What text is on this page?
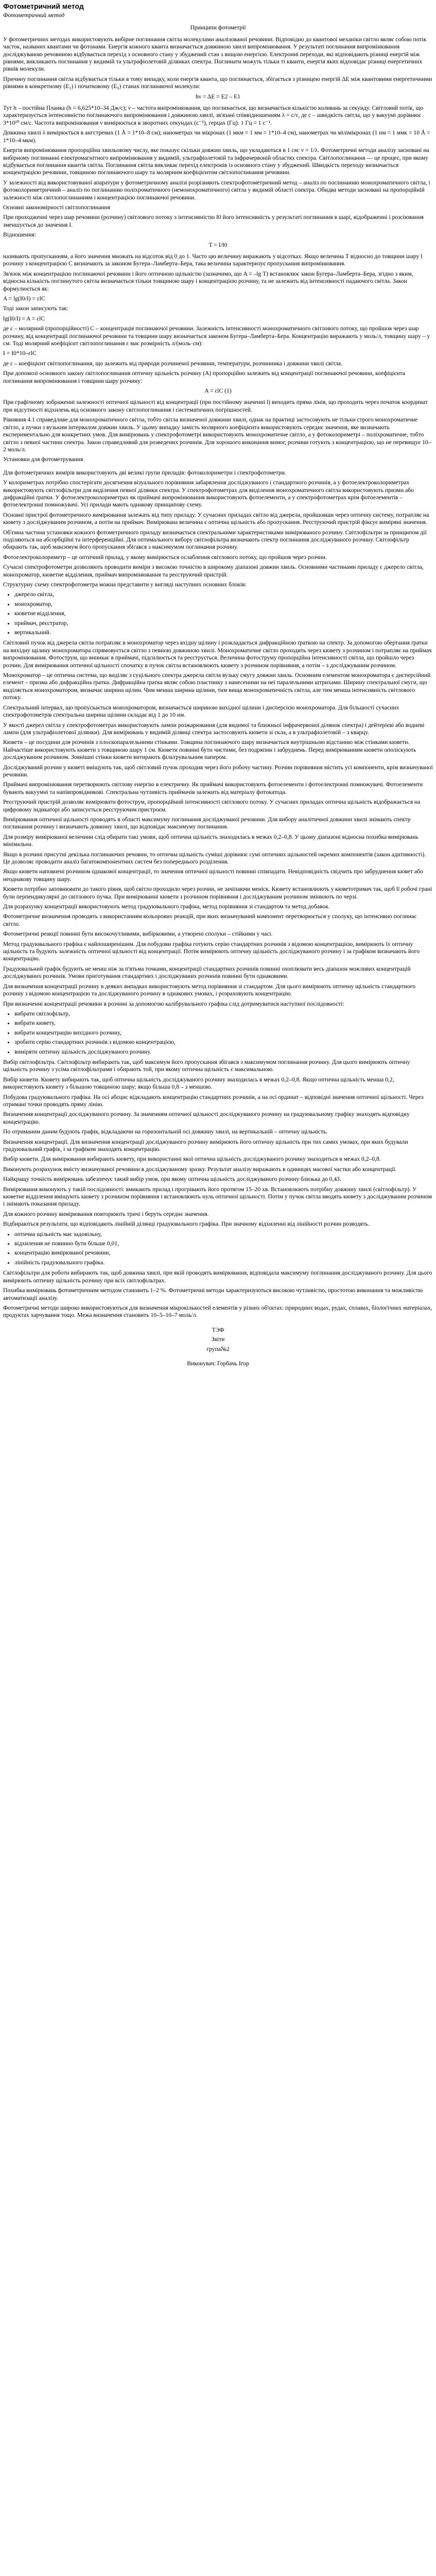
Фотометричний метод
Фотометричний метод
Принципи фотометрії

У фотометричних методах використовують вибірне поглинання світла молекулами аналізованої речовини. Відповідно до квантової механіки світло являє собою потік часток, названих квантами чи фотонами. Енергія кожного кванта визначається довжиною хвилі випромінювання. У результаті поглинання випромінювання досліджуваною речовиною відбувається перехід з основного стану у збуджений стан з вищою енергією. Електронні переходи, які відповідають різниці енергій між рівнями, викликають поглинання у видимій та ультрафіолетовій ділянках спектра. Поглинати можуть тільки ті кванти, енергія яких відповідає різниці енергетичних рівнів молекули.

Причину поглинання світла відбувається тільки в тому випадку, коли енергія кванта, що поглинається, збігається з різницею енергій ΔE між квантовими енергетичними рівнями в конкретному (E₁) і початковому (E₀) станах поглинаючої молекули:

hν = ΔE = E2 – E1

Тут h – постійна Планка (h = 6,625*10–34 Дж/с); ν – частота випромінювання, що поглинається, що визначається кількістю коливань за секунду. Світловий потік, що характеризується інтенсивністю поглинаючого випромінювання і довжиною хвилі, зв'язані співвідношенням λ = c/ν, де c – швидкість світла, що у вакуумі дорівнює 3*10¹⁰ см/с. Частота випромінювання ν вимірюється в зворотних секундах (с⁻¹), герцах (Гц): 1 Гц = 1 с⁻¹.

Довжина хвилі λ вимірюється в ангстремах (1 Å = 1*10–8 см); нанометрах чи мікронах (1 мкм = 1 мм = 1*10–4 см), нанометрах чи мілімікронах (1 нм = 1 ммк = 10 Å = 1*10–4 мкм).

Енергія випромінювання пропорційна хвильовому числу, яке показує скільки довжин хвиль, що укладаються в 1 см: ν = 1/λ. Фотометричні методи аналізу засновані на вибірному поглинанні електромагнітного випромінювання у видимій, ультрафіолетовій та інфрачервоній областях спектра. Світлопоглинання — це процес, при якому відбувається поглинання квантів світла. Поглинання світла викликає перехід електронів із основного стану у збуджений. Швидкість переходу визначається концентрацією речовини, товщиною поглинаючого шару та молярним коефіцієнтом світлопоглинання речовини.

У залежності від використовуваної апаратури у фотометричному аналізі розрізняють спектрофотометричний метод – аналіз по поглинанню монохроматичного світла, і фотоколориметричний – аналіз по поглинанню поліхроматичного (немонохроматичного) світла у видимій області спектра. Обидва методи засновані на пропорційній залежності між світлопоглинанням і концентрацією поглинаючої речовини.

Основні закономірності світлопоглинання

При проходженні через шар речовини (розчину) світлового потоку з інтенсивністю I0 його інтенсивність у результаті поглинання в шарі, відображенні і розсіювання зменшується до значення I.

Відношення:

T = I/I0

називають пропусканням, а його значення множать на відсоток від 0 до 1. Часто цю величину виражають у відсотках. Якщо величина T відносно до товщини шару l розчину з концентрацією C визначають за законом Бугера–Ламберта–Бера, така величина характеризує пропускання випромінювання.

Зв'язок між концентрацією поглинаючої речовини і його оптичною щільністю (зазначимо, що A = –lg T) встановлює закон Бугера–Ламберта–Бера, згідно з яким, відносна кількість поглинутого світла визначається тільки товщиною шару і концентрацією розчину, та не залежить від інтенсивності падаючого світла. Закон формулюється як:

A = lg(I0/I) = εlC

Тоді закон записують так:

lg(I0/I) = A = εlC

де ε – молярний (пропорційності) C – концентрація поглинаючої речовини. Залежність інтенсивності монохроматичного світлового потоку, що пройшов через шар розчину, від концентрації поглинаючої речовини та товщини шару визначається законом Бугера–Ламберта–Бера. Концентрацію виражають у моль/л, товщину шару – у см. Тоді молярний коефіцієнт світлопоглинання ε має розмірність л/(моль·см):

I = I0*10–εlC

де ε – коефіцієнт світлопоглинання, що залежить від природи розчиненої речовини, температури, розчинника і довжини хвилі світла.

При допомозі основного закону світлопоглинання оптичну щільність розчину (A) пропорційно залежить від концентрації поглинаючої речовини, коефіцієнта поглинання випромінювання і товщини шару розчину:

A = εlC (1)

При графічному зображенні залежності оптичної щільності від концентрації (при постійному значенні l) виходить пряма лінія, що проходить через початок координат при відсутності відхилень від основного закону світлопоглинання і систематичних погрішностей.

Рівняння 4.1 справедливе для монохроматичного світла, тобто світла визначеної довжини хвилі, однак на практиці застосовують не тільки строго монохроматичне світло, а пучки з вузьким інтервалом довжин хвиль. У цьому випадку замість молярного коефіцієнта використовують середнє значення, яке визначають експериментально для конкретних умов. Для вимірювань у спектрофотометрі використовують монохроматичне світло, а у фотоколориметрі – поліхроматичне, тобто світло з певної частини спектра. Закон справедливий для розведених розчинів. Для хорошого виконання вимог, розчини готують з концентрацією, що не перевищує 10–2 моль/л.

Установки для фотометрування

Для фотометричних вимірів використовують дві великі групи приладів: фотоколориметри і спектрофотометри.

У колориметрах потрібно спостерігати досягнення візуального порівняння забарвлення досліджуваного і стандартного розчинів, а у фотоелектроколориметрах використовують світлофільтри для виділення певної ділянки спектра. У спектрофотометрах для виділення монохроматичного світла використовують призми або дифракційні ґратки. У фотоелектроколориметрах як приймачі випромінювання використовують фотоелементи, а у спектрофотометрах крім фотоелементів – фотоелектронні помножувачі. Усі прилади мають однакову принципову схему.

Основні пристрої фотометричного вимірювання залежать від типу приладу. У сучасних приладах світло від джерела, пройшовши через оптичну систему, потрапляє на кювету з досліджуваним розчином, а потім на приймач. Вимірювана величина є оптична щільність або пропускання. Реєструючий пристрій фіксує виміряні значення.

Об'ємна частина установки кожного фотометричного приладу визначається спектральними характеристиками вимірюваного розчину. Світлофільтри за принципом дії поділяються на абсорбційні та інтерференційні. Для оптимального вибору світлофільтра визначають спектр поглинання досліджуваного розчину. Світлофільтр обирають так, щоб максимум його пропускання збігався з максимумом поглинання розчину.

Фотоелектроколориметр – це оптичний прилад, у якому вимірюється ослаблення світлового потоку, що пройшов через розчин.

Сучасні спектрофотометри дозволяють проводити виміри з високою точністю в широкому діапазоні довжин хвиль. Основними частинами приладу є джерело світла, монохроматор, кюветне відділення, приймач випромінювання та реєструючий пристрій.

Структурну схему спектрофотометра можна представити у вигляді наступних основних блоків:

• джерело світла,
• монохроматор,
• кюветне відділення,
• приймач, реєстратор,
• вертикальний.

Світловий пучок від джерела світла потрапляє в монохроматор через вхідну щілину і розкладається дифракційною ґраткою на спектр. За допомогою обертання ґратки на вихідну щілину монохроматора спрямовується світло з певною довжиною хвилі. Монохроматичне світло проходить через кювету з розчином і потрапляє на приймач випромінювання. Фотострум, що виникає в приймачі, підсилюється та реєструється. Величина фотоструму пропорційна інтенсивності світла, що пройшло через розчин. Для вимірювання оптичної щільності спочатку в пучок світла встановлюють кювету з розчином порівняння, а потім – з досліджуваним розчином.

Монохроматор – це оптична система, що виділяє з суцільного спектра джерела світла вузьку смугу довжин хвиль. Основним елементом монохроматора є дисперсійний елемент – призма або дифракційна ґратка. Дифракційна ґратка являє собою пластинку з нанесеними на неї паралельними штрихами. Ширину спектральної смуги, що виділяється монохроматором, визначає ширина щілин. Чим менша ширина щілини, тим вища монохроматичність світла, але тим менша інтенсивність світлового потоку.

Спектральний інтервал, що пропускається монохроматором, визначається шириною вихідної щілини і дисперсією монохроматора. Для більшості сучасних спектрофотометрів спектральна ширина щілини складає від 1 до 10 нм.

У якості джерел світла у спектрофотометрах використовують лампи розжарювання (для видимої та ближньої інфрачервоної ділянок спектра) і дейтерієві або водневі лампи (для ультрафіолетової ділянки). Для вимірювань у видимій ділянці спектра застосовують кювети зі скла, а в ультрафіолетовій – з кварцу.

Кювети – це посудини для розчинів з плоскопаралельними стінками. Товщина поглинаючого шару визначається внутрішньою відстанню між стінками кювети. Найчастіше використовують кювети з товщиною шару 1 см. Кювети повинні бути чистими, без подряпин і забруднень. Перед вимірюванням кювети ополіскують досліджуваним розчином. Зовнішні стінки кювети витирають фільтрувальним папером.

Досліджуваний розчин у кюветі вміщують так, щоб світловий пучок проходив через його робочу частину. Розчин порівняння містить усі компоненти, крім визначуваної речовини.

Приймачі випромінювання перетворюють світлову енергію в електричну. Як приймачі використовують фотоелементи і фотоелектронні помножувачі. Фотоелементи бувають вакуумні та напівпровідникові. Спектральна чутливість приймачів залежить від матеріалу фотокатода.

Реєструючий пристрій дозволяє вимірювати фотострум, пропорційний інтенсивності світлового потоку. У сучасних приладах оптична щільність відображається на цифровому індикаторі або записується реєструючим пристроєм.

Вимірювання оптичної щільності проводять в області максимуму поглинання досліджуваної речовини. Для вибору аналітичної довжини хвилі знімають спектр поглинання розчину і визначають довжину хвилі, що відповідає максимуму поглинання.

Для розміру вимірюваної величини слід обирати такі умови, щоб оптична щільність знаходилась в межах 0,2–0,8. У цьому діапазоні відносна похибка вимірювань мінімальна.

Якщо в розчині присутні декілька поглинаючих речовин, то оптична щільність суміші дорівнює сумі оптичних щільностей окремих компонентів (закон адитивності). Це дозволяє проводити аналіз багатокомпонентних систем без попереднього розділення.

Якщо кювети наповнені розчином однакової концентрації, то значення оптичної щільності повинні співпадати. Невідповідність свідчить про забруднення кювет або неоднакову товщину шару.

Кювети потрібно заповнювати до такого рівня, щоб світло проходило через розчин, не зачіпаючи меніск. Кювету встановлюють у кюветотримач так, щоб її робочі грані були перпендикулярні до світлового пучка. При вимірюванні кювети з розчином порівняння і досліджуваним розчином змінюють по черзі.

Для розрахунку концентрації використовують метод градуювального графіка, метод порівняння зі стандартом та метод добавок.

Фотометричне визначення проводять з використанням кольорових реакцій, при яких визначуваний компонент перетворюється у сполуку, що інтенсивно поглинає світло.

Фотометричні реакції повинні бути високочутливими, вибірковими, а утворені сполуки – стійкими у часі.

Метод градуювального графіка є найпоширенішим. Для побудови графіка готують серію стандартних розчинів з відомою концентрацією, вимірюють їх оптичну щільність та будують залежність оптичної щільності від концентрації. Потім вимірюють оптичну щільність досліджуваного розчину і за графіком визначають його концентрацію.

Градуювальний графік будують не менш ніж за п'ятьма точками, концентрації стандартних розчинів повинні охоплювати весь діапазон можливих концентрацій досліджуваних розчинів. Умови приготування стандартних і досліджуваних розчинів повинні бути однаковими.

Для визначення концентрації розчину в деяких випадках використовують метод порівняння зі стандартом. Для цього вимірюють оптичну щільність стандартного розчину з відомою концентрацією та досліджуваного розчину в однакових умовах, і розраховують концентрацію.

При визначенні концентрації речовини в розчині за допомогою калібрувального графіка слід дотримуватися наступної послідовності:

• вибрати світлофільтр,
• вибрати кювету,
• вибрати концентрацію вихідного розчину,
• зробити серію стандартних розчинів з відомою концентрацією,
• виміряти оптичну щільність досліджуваного розчину.

Вибір світлофільтра. Світлофільтр вибирають так, щоб максимум його пропускання збігався з максимумом поглинання розчину. Для цього вимірюють оптичну щільність розчину з усіма світлофільтрами і обирають той, при якому оптична щільність є максимальною.

Вибір кювети. Кювету вибирають так, щоб оптична щільність досліджуваного розчину знаходилась в межах 0,2–0,8. Якщо оптична щільність менша 0,2, використовують кювету з більшою товщиною шару; якщо більша 0,8 – з меншою.

Побудова градуювального графіка. На осі абсцис відкладають концентрацію стандартних розчинів, а на осі ординат – відповідні значення оптичної щільності. Через отримані точки проводять пряму лінію.

Визначення концентрації досліджуваного розчину. За значенням оптичної щільності досліджуваного розчину на градуювальному графіку знаходять відповідну концентрацію.

По отриманим даним будують графік, відкладаючи на горизонтальній осі довжину хвилі, на вертикальній – оптичну щільність.

Визначення концентрації. Для визначення концентрації досліджуваного розчину вимірюють його оптичну щільність при тих самих умовах, при яких будували градуювальний графік, і за графіком знаходять концентрацію.

Вибір кювети. Для вимірювання вибирають кювету, при використанні якої оптична щільність досліджуваного розчину знаходиться в межах 0,2–0,8.

Виконують розрахунок вмісту визначуваної речовини в досліджуваному зразку. Результат аналізу виражають в одиницях масової частки або концентрації.

Найкращу точність вимірювань забезпечує такий вибір умов, при якому оптична щільність досліджуваного розчину близька до 0,43.

Вимірювання виконують у такій послідовності: вмикають прилад і прогрівають його протягом 15–20 хв. Встановлюють потрібну довжину хвилі (світлофільтр). У кюветне відділення вміщують кювету з розчином порівняння і встановлюють нуль оптичної щільності. Потім у пучок світла вводять кювету з досліджуваним розчином і знімають показання приладу.

Для кожного розчину вимірювання повторюють тричі і беруть середнє значення.

Відбираються результати, що відповідають лінійній ділянці градуювального графіка. При значному відхиленні від лінійності розчин розводять.

• оптична щільність має задовільну,
• відхилення не повинно бути більше 0,01,
• концентрацію вимірюваної речовини,
• лінійність градуювального графіка.

Світлофільтри для роботи вибирають так, щоб довжина хвилі, при якій проводять вимірювання, відповідала максимуму поглинання досліджуваного розчину. Для цього вимірюють оптичну щільність розчину при всіх світлофільтрах.

Похибка вимірювань фотометричним методом становить 1–2 %. Фотометричні методи характеризуються високою чутливістю, простотою виконання та можливістю автоматизації аналізу.

Фотометричні методи широко використовуються для визначення мікрокількостей елементів у різних об'єктах: природних водах, рудах, сплавах, біологічних матеріалах, продуктах харчування тощо. Межа визначення становить 10–5–10–7 моль/л.

ТЭФ
Звіти
група№2
Виконувач: Горбачь Ігор
